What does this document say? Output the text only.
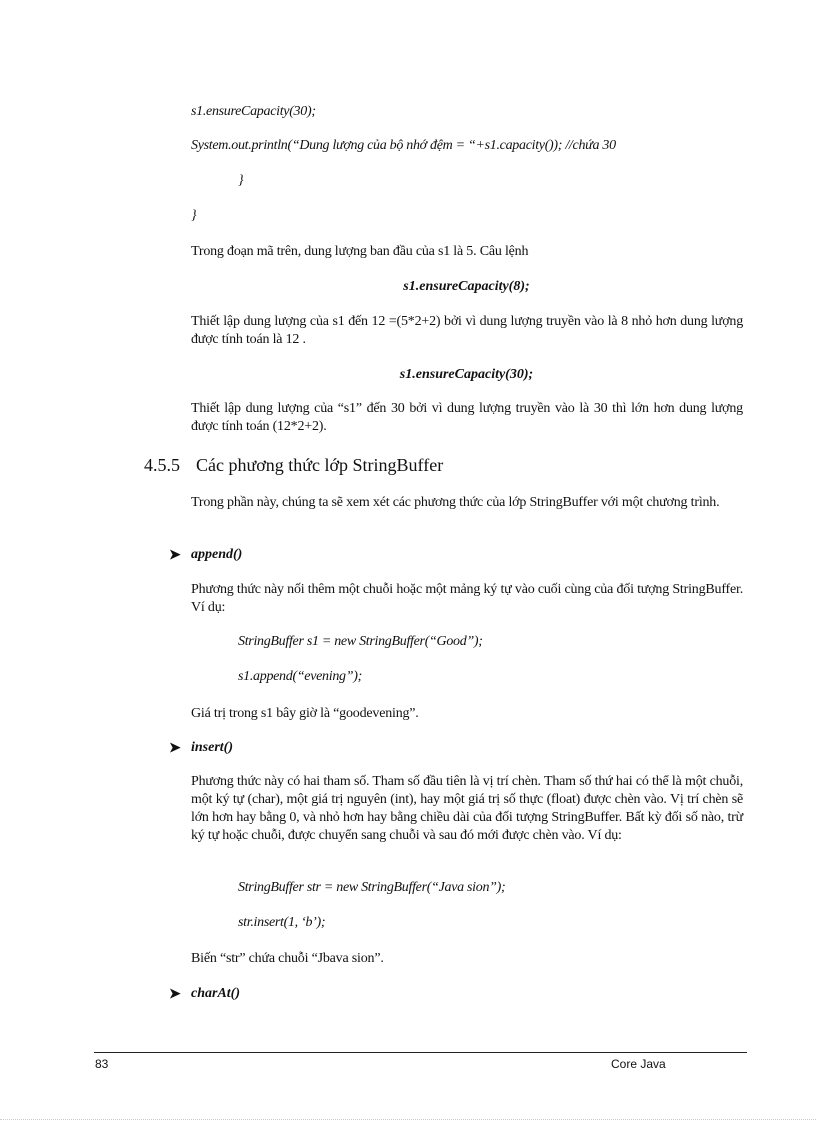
s1.ensureCapacity(30);
System.out.println(“Dung lượng của bộ nhớ đệm = “+s1.capacity()); //chứa 30
}
}
Trong đoạn mã trên, dung lượng ban đầu của s1 là 5. Câu lệnh
s1.ensureCapacity(8);
Thiết lập dung lượng của s1 đến 12 =(5*2+2) bởi vì dung lượng truyền vào là 8 nhỏ hơn dung lượng được tính toán là 12 .
s1.ensureCapacity(30);
Thiết lập dung lượng của “s1” đến 30 bởi vì dung lượng truyền vào là 30 thì lớn hơn dung lượng được tính toán (12*2+2).
4.5.5 Các phương thức lớp StringBuffer
Trong phần này, chúng ta sẽ xem xét các phương thức của lớp StringBuffer với một chương trình.
➤ append()
Phương thức này nối thêm một chuỗi hoặc một mảng ký tự vào cuối cùng của đối tượng StringBuffer. Ví dụ:
StringBuffer s1 = new StringBuffer(“Good”);
s1.append(“evening”);
Giá trị trong s1 bây giờ là “goodevening”.
➤ insert()
Phương thức này có hai tham số. Tham số đầu tiên là vị trí chèn. Tham số thứ hai có thể là một chuỗi, một ký tự (char), một giá trị nguyên (int), hay một giá trị số thực (float) được chèn vào. Vị trí chèn sẽ lớn hơn hay bằng 0, và nhỏ hơn hay bằng chiều dài của đối tượng StringBuffer. Bất kỳ đối số nào, trừ ký tự hoặc chuỗi, được chuyển sang chuỗi và sau đó mới được chèn vào. Ví dụ:
StringBuffer str = new StringBuffer(“Java sion”);
str.insert(1, ‘b’);
Biến “str” chứa chuỗi “Jbava sion”.
➤ charAt()
83	Core Java
